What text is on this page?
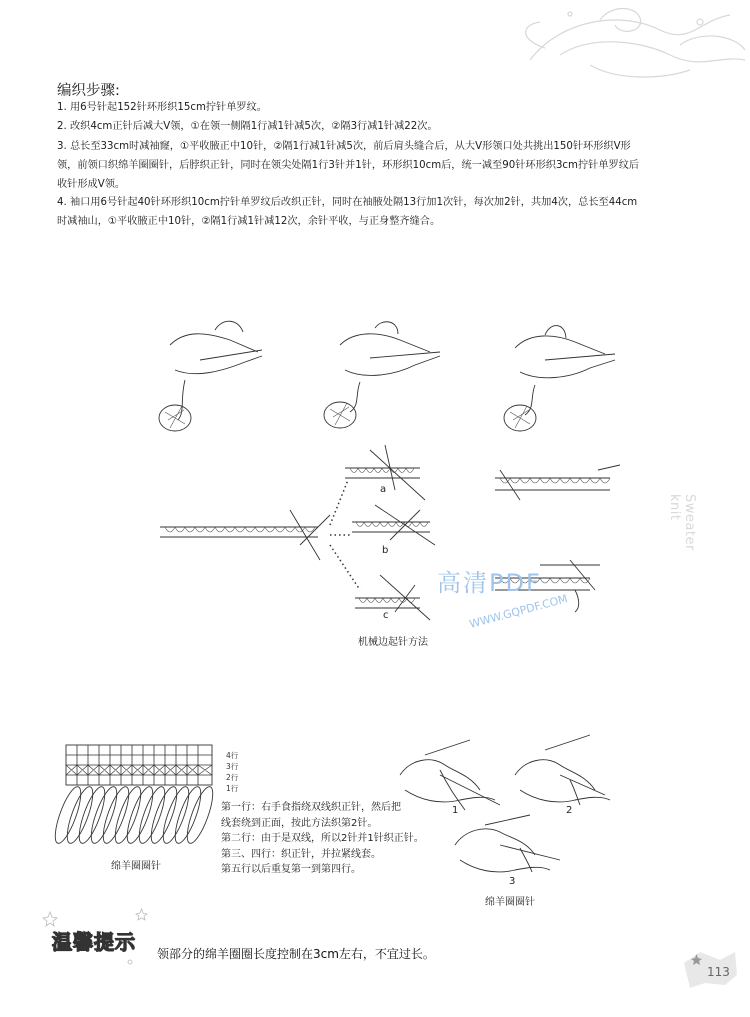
编织步骤:
1. 用6号针起152针环形织15cm拧针单罗纹。
2. 改织4cm正针后减大V领，①在领一侧隔1行减1针减5次，②隔3行减1针减22次。
3. 总长至33cm时减袖窿，①平收腋正中10针，②隔1行减1针减5次，前后肩头缝合后，从大V形领口处共挑出150针环形织V形
领，前领口织绵羊圈圈针，后脖织正针，同时在领尖处隔1行3针并1针，环形织10cm后，统一减至90针环形织3cm拧针单罗纹后
收针形成V领。
4. 袖口用6号针起40针环形织10cm拧针单罗纹后改织正针，同时在袖腋处隔13行加1次针，每次加2针，共加4次，总长至44cm
时减袖山，①平收腋正中10针，②隔1行减1针减12次，余针平收，与正身整齐缝合。
a
b
c
高清PDF
WWW.GQPDF.COM
机械边起针方法
Sweater knit
4行
3行
2行
1行
第一行：右手食指绕双线织正针，然后把
线套绕到正面，按此方法织第2针。
第二行：由于是双线，所以2针并1针织正针。
第三、四行：织正针，并拉紧线套。
第五行以后重复第一到第四行。
绵羊圈圈针
1	2
3
绵羊圈圈针
温馨提示 领部分的绵羊圈圈长度控制在3cm左右，不宜过长。
113
